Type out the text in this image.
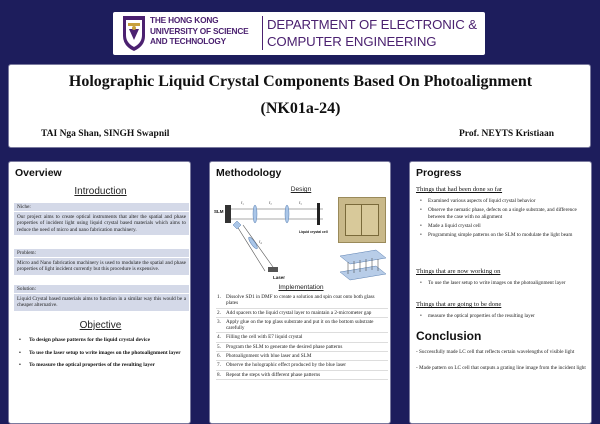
THE HONG KONG
UNIVERSITY OF SCIENCE
AND TECHNOLOGY
DEPARTMENT OF ELECTRONIC &
COMPUTER ENGINEERING
Holographic Liquid Crystal Components Based On Photoalignment
(NK01a-24)
TAI Nga Shan, SINGH Swapnil	Prof. NEYTS Kristiaan
Overview
Introduction
Niche:
Our project aims to create optical instruments that alter the spatial and phase properties of incident light using liquid crystal based materials which aims to reduce the need of micro and nano fabrication machinery.
Problem:
Micro and Nano fabrication machinery is used to modulate the spatial and phase properties of light incident currently but this procedure is expensive.
Solution:
Liquid Crystal based materials aims to function in a similar way this would be a cheaper alternative.
Objective
• To design phase patterns for the liquid crystal device
• To use the laser setup to write images on the photoalignment layer
• To measure the optical properties of the resulting layer
Methodology
Design
SLM
Liquid crystal cell
f₁	f₂	f₃
f₄
Laser
Implementation
1. Dissolve SD1 in DMF to create a solution and spin coat onto both glass plates
2. Add spacers to the liquid crystal layer to maintain a 2-micrometer gap
3. Apply glue on the top glass substrate and put it on the bottom substrate carefully
4. Filling the cell with E7 liquid crystal
5. Program the SLM to generate the desired phase patterns
6. Photoalignment with blue laser and SLM
7. Observe the holographic effect produced by the blue laser
8. Repeat the steps with different phase patterns
Progress
Things that had been done so far
• Examined various aspects of liquid crystal behavior
• Observe the nematic phase, defects on a single substrate, and difference between the case with no alignment
• Made a liquid crystal cell
• Programming simple patterns on the SLM to modulate the light beam
Things that are now working on
• To use the laser setup to write images on the photoalignment layer
Things that are going to be done
• measure the optical properties of the resulting layer
Conclusion
- Successfully made LC cell that reflects certain wavelengths of visible light
- Made pattern on LC cell that outputs a grating line image from the incident light
